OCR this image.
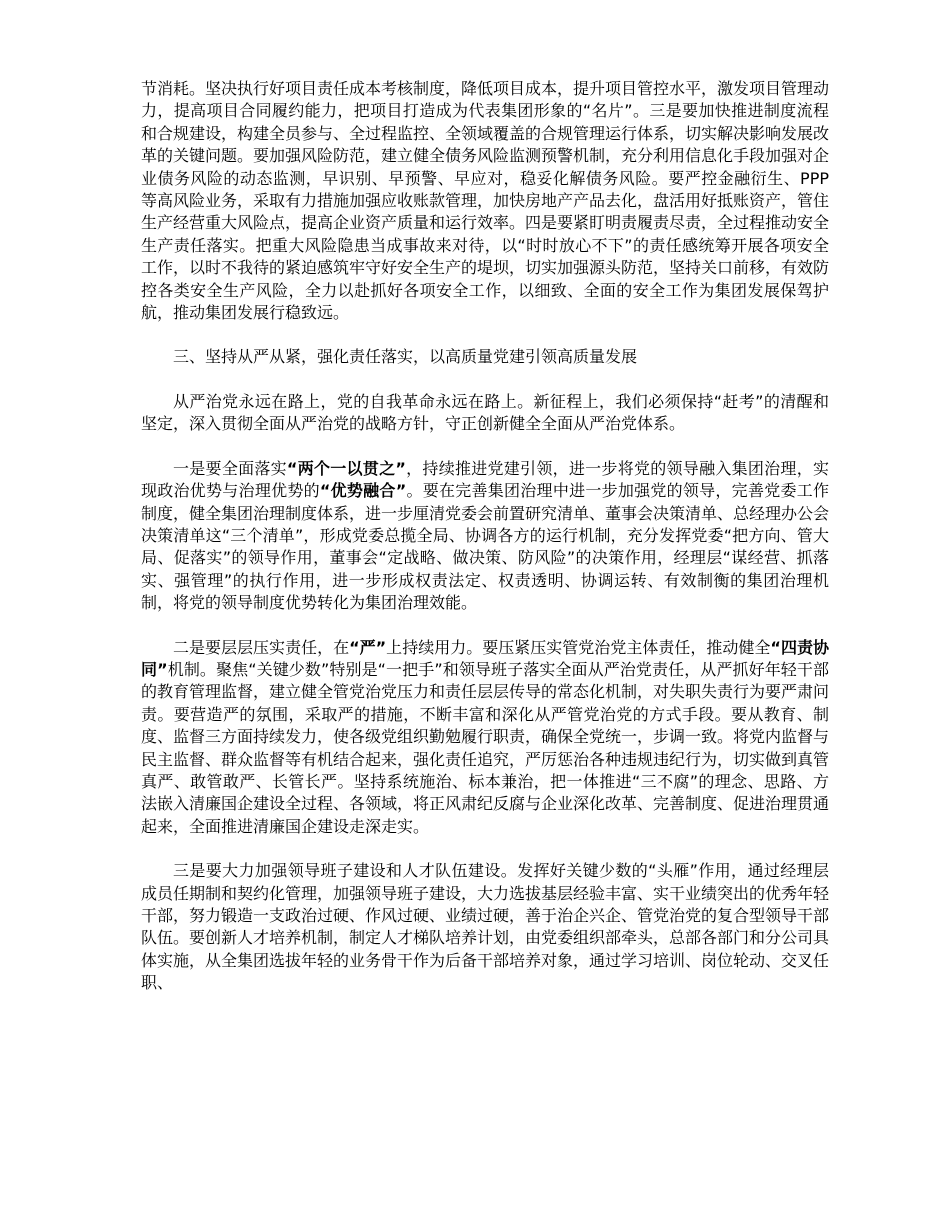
节消耗。坚决执行好项目责任成本考核制度，降低项目成本，提升项目管控水平，激发项目管理动力，提高项目合同履约能力，把项目打造成为代表集团形象的“名片”。三是要加快推进制度流程和合规建设，构建全员参与、全过程监控、全领域覆盖的合规管理运行体系，切实解决影响发展改革的关键问题。要加强风险防范，建立健全债务风险监测预警机制，充分利用信息化手段加强对企业债务风险的动态监测，早识别、早预警、早应对，稳妥化解债务风险。要严控金融衍生、PPP 等高风险业务，采取有力措施加强应收账款管理，加快房地产产品去化，盘活用好抵账资产，管住生产经营重大风险点，提高企业资产质量和运行效率。四是要紧盯明责履责尽责，全过程推动安全生产责任落实。把重大风险隐患当成事故来对待，以“时时放心不下”的责任感统筹开展各项安全工作，以时不我待的紧迫感筑牢守好安全生产的堤坝，切实加强源头防范，坚持关口前移，有效防控各类安全生产风险，全力以赴抓好各项安全工作，以细致、全面的安全工作为集团发展保驾护航，推动集团发展行稳致远。

三、坚持从严从紧，强化责任落实，以高质量党建引领高质量发展

从严治党永远在路上，党的自我革命永远在路上。新征程上，我们必须保持“赶考”的清醒和坚定，深入贯彻全面从严治党的战略方针，守正创新健全全面从严治党体系。

一是要全面落实“两个一以贯之”，持续推进党建引领，进一步将党的领导融入集团治理，实现政治优势与治理优势的“优势融合”。要在完善集团治理中进一步加强党的领导，完善党委工作制度，健全集团治理制度体系，进一步厘清党委会前置研究清单、董事会决策清单、总经理办公会决策清单这“三个清单”，形成党委总揽全局、协调各方的运行机制，充分发挥党委“把方向、管大局、促落实”的领导作用，董事会“定战略、做决策、防风险”的决策作用，经理层“谋经营、抓落实、强管理”的执行作用，进一步形成权责法定、权责透明、协调运转、有效制衡的集团治理机制，将党的领导制度优势转化为集团治理效能。

二是要层层压实责任，在“严”上持续用力。要压紧压实管党治党主体责任，推动健全“四责协同”机制。聚焦“关键少数”特别是“一把手”和领导班子落实全面从严治党责任，从严抓好年轻干部的教育管理监督，建立健全管党治党压力和责任层层传导的常态化机制，对失职失责行为要严肃问责。要营造严的氛围，采取严的措施，不断丰富和深化从严管党治党的方式手段。要从教育、制度、监督三方面持续发力，使各级党组织勤勉履行职责，确保全党统一，步调一致。将党内监督与民主监督、群众监督等有机结合起来，强化责任追究，严厉惩治各种违规违纪行为，切实做到真管真严、敢管敢严、长管长严。坚持系统施治、标本兼治，把一体推进“三不腐”的理念、思路、方法嵌入清廉国企建设全过程、各领域，将正风肃纪反腐与企业深化改革、完善制度、促进治理贯通起来，全面推进清廉国企建设走深走实。

三是要大力加强领导班子建设和人才队伍建设。发挥好关键少数的“头雁”作用，通过经理层成员任期制和契约化管理，加强领导班子建设，大力选拔基层经验丰富、实干业绩突出的优秀年轻干部，努力锻造一支政治过硬、作风过硬、业绩过硬，善于治企兴企、管党治党的复合型领导干部队伍。要创新人才培养机制，制定人才梯队培养计划，由党委组织部牵头，总部各部门和分公司具体实施，从全集团选拔年轻的业务骨干作为后备干部培养对象，通过学习培训、岗位轮动、交叉任职、
